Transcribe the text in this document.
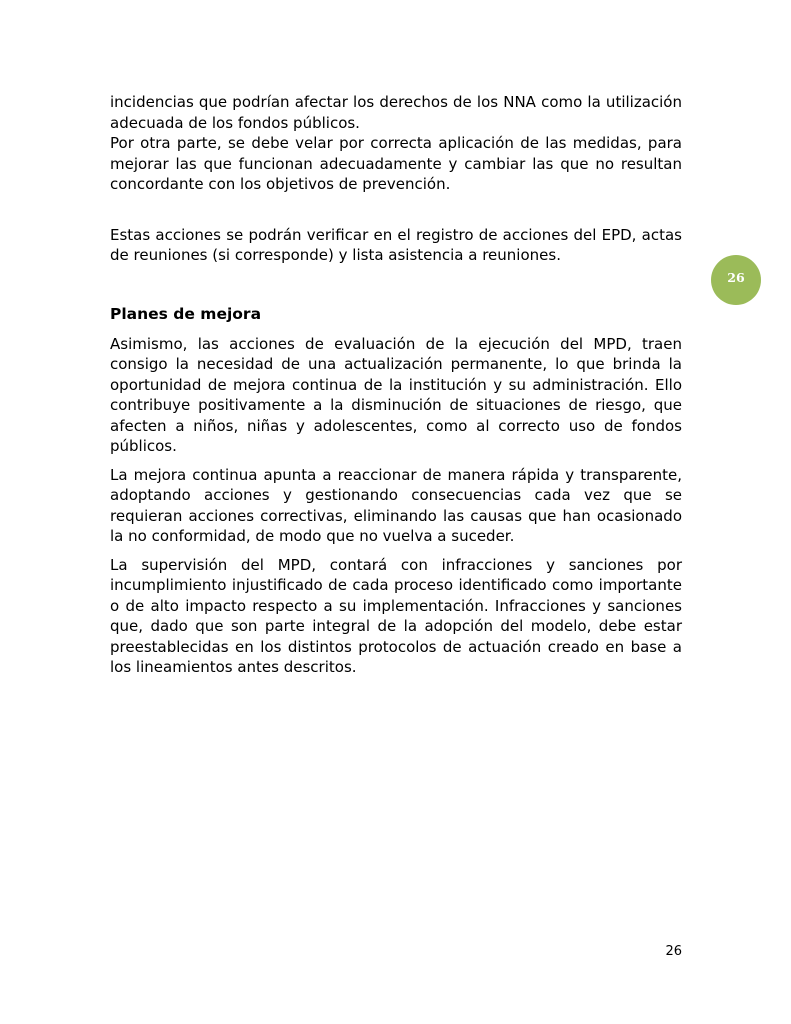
incidencias que podrían afectar los derechos de los NNA como la utilización adecuada de los fondos públicos.

Por otra parte, se debe velar por correcta aplicación de las medidas, para mejorar las que funcionan adecuadamente y cambiar las que no resultan concordante con los objetivos de prevención.

Estas acciones se podrán verificar en el registro de acciones del EPD, actas de reuniones (si corresponde) y lista asistencia a reuniones.

Planes de mejora

Asimismo, las acciones de evaluación de la ejecución del MPD, traen consigo la necesidad de una actualización permanente, lo que brinda la oportunidad de mejora continua de la institución y su administración. Ello contribuye positivamente a la disminución de situaciones de riesgo, que afecten a niños, niñas y adolescentes, como al correcto uso de fondos públicos.

La mejora continua apunta a reaccionar de manera rápida y transparente, adoptando acciones y gestionando consecuencias cada vez que se requieran acciones correctivas, eliminando las causas que han ocasionado la no conformidad, de modo que no vuelva a suceder.

La supervisión del MPD, contará con infracciones y sanciones por incumplimiento injustificado de cada proceso identificado como importante o de alto impacto respecto a su implementación. Infracciones y sanciones que, dado que son parte integral de la adopción del modelo, debe estar preestablecidas en los distintos protocolos de actuación creado en base a los lineamientos antes descritos.

26
26
